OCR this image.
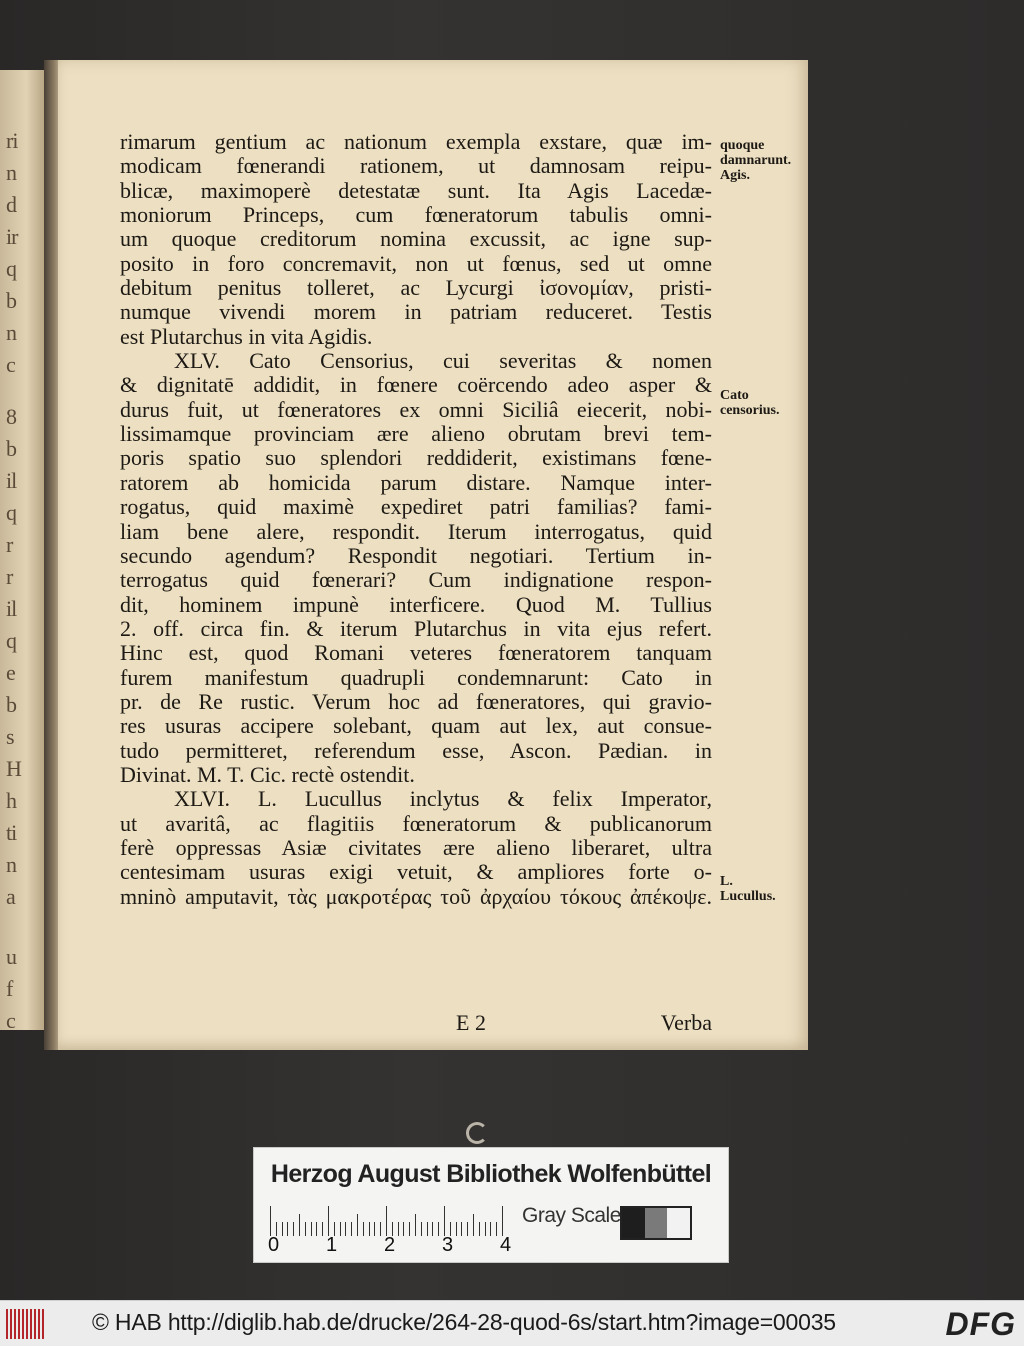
ri
n
d
ir
q
b
n
c
8
b
il
q
r
r
il
q
e
b
s
H
h
ti
n
a
u
f
c
rimarum gentium ac nationum exempla exstare, quæ im-
modicam fœnerandi rationem, ut damnosam reipu-
blicæ, maximoperè detestatæ sunt. Ita Agis Lacedæ-
moniorum Princeps, cum fœneratorum tabulis omni-
um quoque creditorum nomina excussit, ac igne sup-
posito in foro concremavit, non ut fœnus, sed ut omne
debitum penitus tolleret, ac Lycurgi ἰσονομίαν, pristi-
numque vivendi morem in patriam reduceret. Testis
est Plutarchus in vita Agidis.
XLV. Cato Censorius, cui severitas & nomen
& dignitatē addidit, in fœnere coërcendo adeo asper &
durus fuit, ut fœneratores ex omni Siciliâ eiecerit, nobi-
lissimamque provinciam ære alieno obrutam brevi tem-
poris spatio suo splendori reddiderit, existimans fœne-
ratorem ab homicida parum distare. Namque inter-
rogatus, quid maximè expediret patri familias? fami-
liam bene alere, respondit. Iterum interrogatus, quid
secundo agendum? Respondit negotiari. Tertium in-
terrogatus quid fœnerari? Cum indignatione respon-
dit, hominem impunè interficere. Quod M. Tullius
2. off. circa fin. & iterum Plutarchus in vita ejus refert.
Hinc est, quod Romani veteres fœneratorem tanquam
furem manifestum quadrupli condemnarunt: Cato in
pr. de Re rustic. Verum hoc ad fœneratores, qui gravio-
res usuras accipere solebant, quam aut lex, aut consue-
tudo permitteret, referendum esse, Ascon. Pædian. in
Divinat. M. T. Cic. rectè ostendit.
XLVI. L. Lucullus inclytus & felix Imperator,
ut avaritâ, ac flagitiis fœneratorum & publicanorum
ferè oppressas Asiæ civitates ære alieno liberaret, ultra
centesimam usuras exigi vetuit, & ampliores forte o-
mninò amputavit, τὰς μακροτέρας τοῦ ἀρχαίου τόκους ἀπέκοψε.
quoque damnarunt. Agis.
Cato censorius.
L. Lucullus.
E 2	Verba
Herzog August Bibliothek Wolfenbüttel
0 1 2 3 4
Gray Scale
© HAB http://diglib.hab.de/drucke/264-28-quod-6s/start.htm?image=00035	DFG
